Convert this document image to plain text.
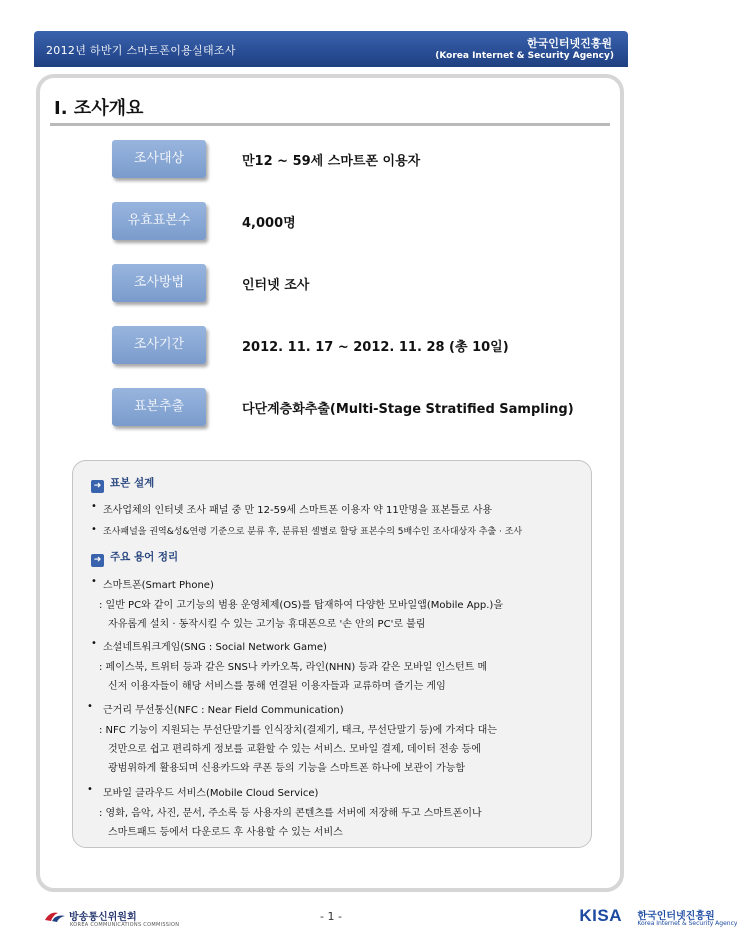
2012년 하반기 스마트폰이용실태조사
한국인터넷진흥원
(Korea Internet & Security Agency)
Ⅰ. 조사개요
조사대상	만12 ~ 59세 스마트폰 이용자
유효표본수	4,000명
조사방법	인터넷 조사
조사기간	2012. 11. 17 ~ 2012. 11. 28 (총 10일)
표본추출	다단계층화추출(Multi-Stage Stratified Sampling)
➜ 표본 설계
• 조사업체의 인터넷 조사 패널 중 만 12-59세 스마트폰 이용자 약 11만명을 표본틀로 사용
• 조사패널을 권역&성&연령 기준으로 분류 후, 분류된 셀별로 할당 표본수의 5배수인 조사대상자 추출 · 조사
➜ 주요 용어 정리
• 스마트폰(Smart Phone)
: 일반 PC와 같이 고기능의 범용 운영체제(OS)를 탑재하여 다양한 모바일앱(Mobile App.)을
자유롭게 설치 · 동작시킬 수 있는 고기능 휴대폰으로 '손 안의 PC'로 불림
• 소셜네트워크게임(SNG : Social Network Game)
: 페이스북, 트위터 등과 같은 SNS나 카카오톡, 라인(NHN) 등과 같은 모바일 인스턴트 메
신저 이용자들이 해당 서비스를 통해 연결된 이용자들과 교류하며 즐기는 게임
• 근거리 무선통신(NFC : Near Field Communication)
: NFC 기능이 지원되는 무선단말기를 인식장치(결제기, 태크, 무선단말기 등)에 가져다 대는
것만으로 쉽고 편리하게 정보를 교환할 수 있는 서비스. 모바일 결제, 데이터 전송 등에
광범위하게 활용되며 신용카드와 쿠폰 등의 기능을 스마트폰 하나에 보관이 가능함
• 모바일 클라우드 서비스(Mobile Cloud Service)
: 영화, 음악, 사진, 문서, 주소록 등 사용자의 콘텐츠를 서버에 저장해 두고 스마트폰이나
스마트패드 등에서 다운로드 후 사용할 수 있는 서비스
방송통신위원회
KOREA COMMUNICATIONS COMMISSION
- 1 -	KISA 한국인터넷진흥원
Korea Internet & Security Agency
